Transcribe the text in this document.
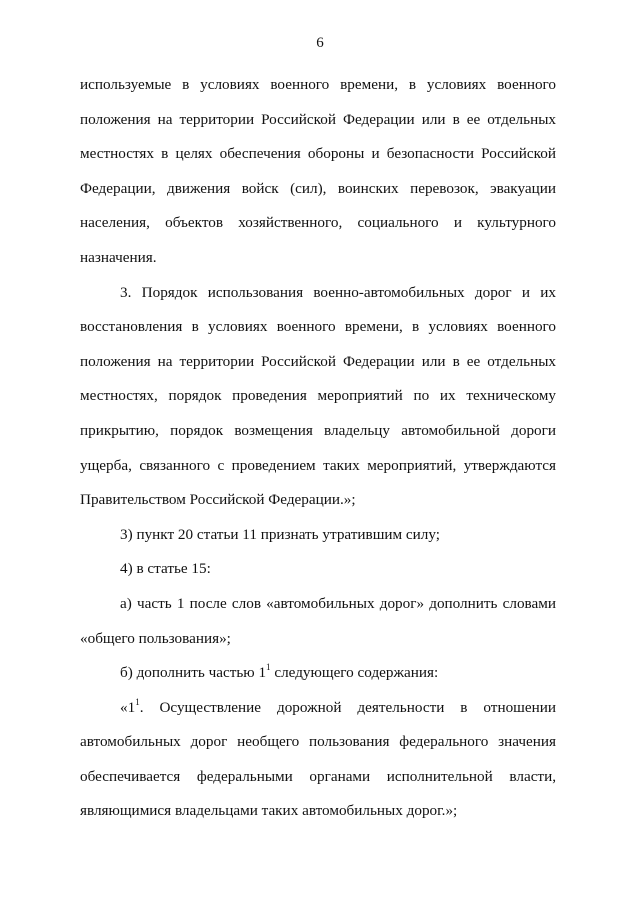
6

используемые в условиях военного времени, в условиях военного положения на территории Российской Федерации или в ее отдельных местностях в целях обеспечения обороны и безопасности Российской Федерации, движения войск (сил), воинских перевозок, эвакуации населения, объектов хозяйственного, социального и культурного назначения.

3. Порядок использования военно-автомобильных дорог и их восстановления в условиях военного времени, в условиях военного положения на территории Российской Федерации или в ее отдельных местностях, порядок проведения мероприятий по их техническому прикрытию, порядок возмещения владельцу автомобильной дороги ущерба, связанного с проведением таких мероприятий, утверждаются Правительством Российской Федерации.»;

3) пункт 20 статьи 11 признать утратившим силу;

4) в статье 15:

а) часть 1 после слов «автомобильных дорог» дополнить словами «общего пользования»;

б) дополнить частью $1^1$ следующего содержания:

«$1^1$. Осуществление дорожной деятельности в отношении автомобильных дорог необщего пользования федерального значения обеспечивается федеральными органами исполнительной власти, являющимися владельцами таких автомобильных дорог.»;
